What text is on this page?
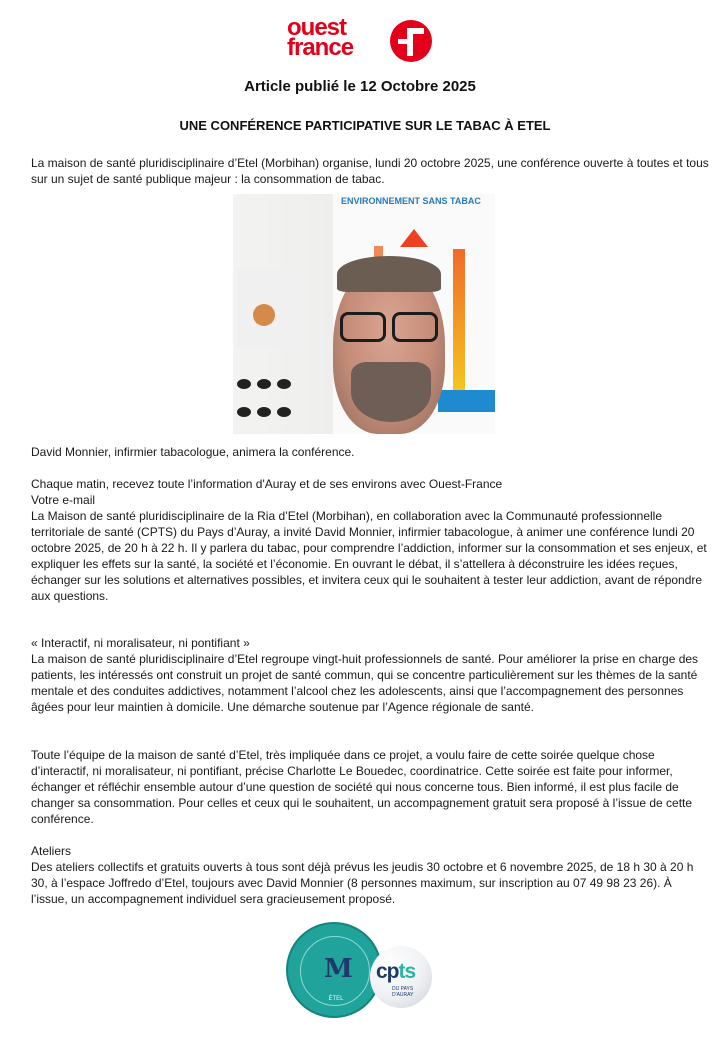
ouest
france
Article publié le 12 Octobre 2025
UNE CONFÉRENCE PARTICIPATIVE SUR LE TABAC À ETEL
La maison de santé pluridisciplinaire d’Etel (Morbihan) organise, lundi 20 octobre 2025, une conférence ouverte à toutes et tous sur un sujet de santé publique majeur : la consommation de tabac.
ENVIRONNEMENT SANS TABAC
David Monnier, infirmier tabacologue, animera la conférence.
Chaque matin, recevez toute l’information d'Auray et de ses environs avec Ouest-France
Votre e-mail
La Maison de santé pluridisciplinaire de la Ria d’Etel (Morbihan), en collaboration avec la Communauté professionnelle territoriale de santé (CPTS) du Pays d’Auray, a invité David Monnier, infirmier tabacologue, à animer une conférence lundi 20 octobre 2025, de 20 h à 22 h. Il y parlera du tabac, pour comprendre l’addiction, informer sur la consommation et ses enjeux, et expliquer les effets sur la santé, la société et l’économie. En ouvrant le débat, il s’attellera à déconstruire les idées reçues, échanger sur les solutions et alternatives possibles, et invitera ceux qui le souhaitent à tester leur addiction, avant de répondre aux questions.
« Interactif, ni moralisateur, ni pontifiant »
La maison de santé pluridisciplinaire d’Etel regroupe vingt-huit professionnels de santé. Pour améliorer la prise en charge des patients, les intéressés ont construit un projet de santé commun, qui se concentre particulièrement sur les thèmes de la santé mentale et des conduites addictives, notamment l’alcool chez les adolescents, ainsi que l’accompagnement des personnes âgées pour leur maintien à domicile. Une démarche soutenue par l’Agence régionale de santé.
Toute l’équipe de la maison de santé d’Etel, très impliquée dans ce projet, a voulu faire de cette soirée quelque chose d’interactif, ni moralisateur, ni pontifiant, précise Charlotte Le Bouedec, coordinatrice. Cette soirée est faite pour informer, échanger et réfléchir ensemble autour d’une question de société qui nous concerne tous. Bien informé, il est plus facile de changer sa consommation. Pour celles et ceux qui le souhaitent, un accompagnement gratuit sera proposé à l’issue de cette conférence.
Ateliers
Des ateliers collectifs et gratuits ouverts à tous sont déjà prévus les jeudis 30 octobre et 6 novembre 2025, de 18 h 30 à 20 h 30, à l’espace Joffredo d’Etel, toujours avec David Monnier (8 personnes maximum, sur inscription au 07 49 98 23 26). À l’issue, un accompagnement individuel sera gracieusement proposé.
M
ÉTEL
cpts
DU PAYS
D'AURAY
